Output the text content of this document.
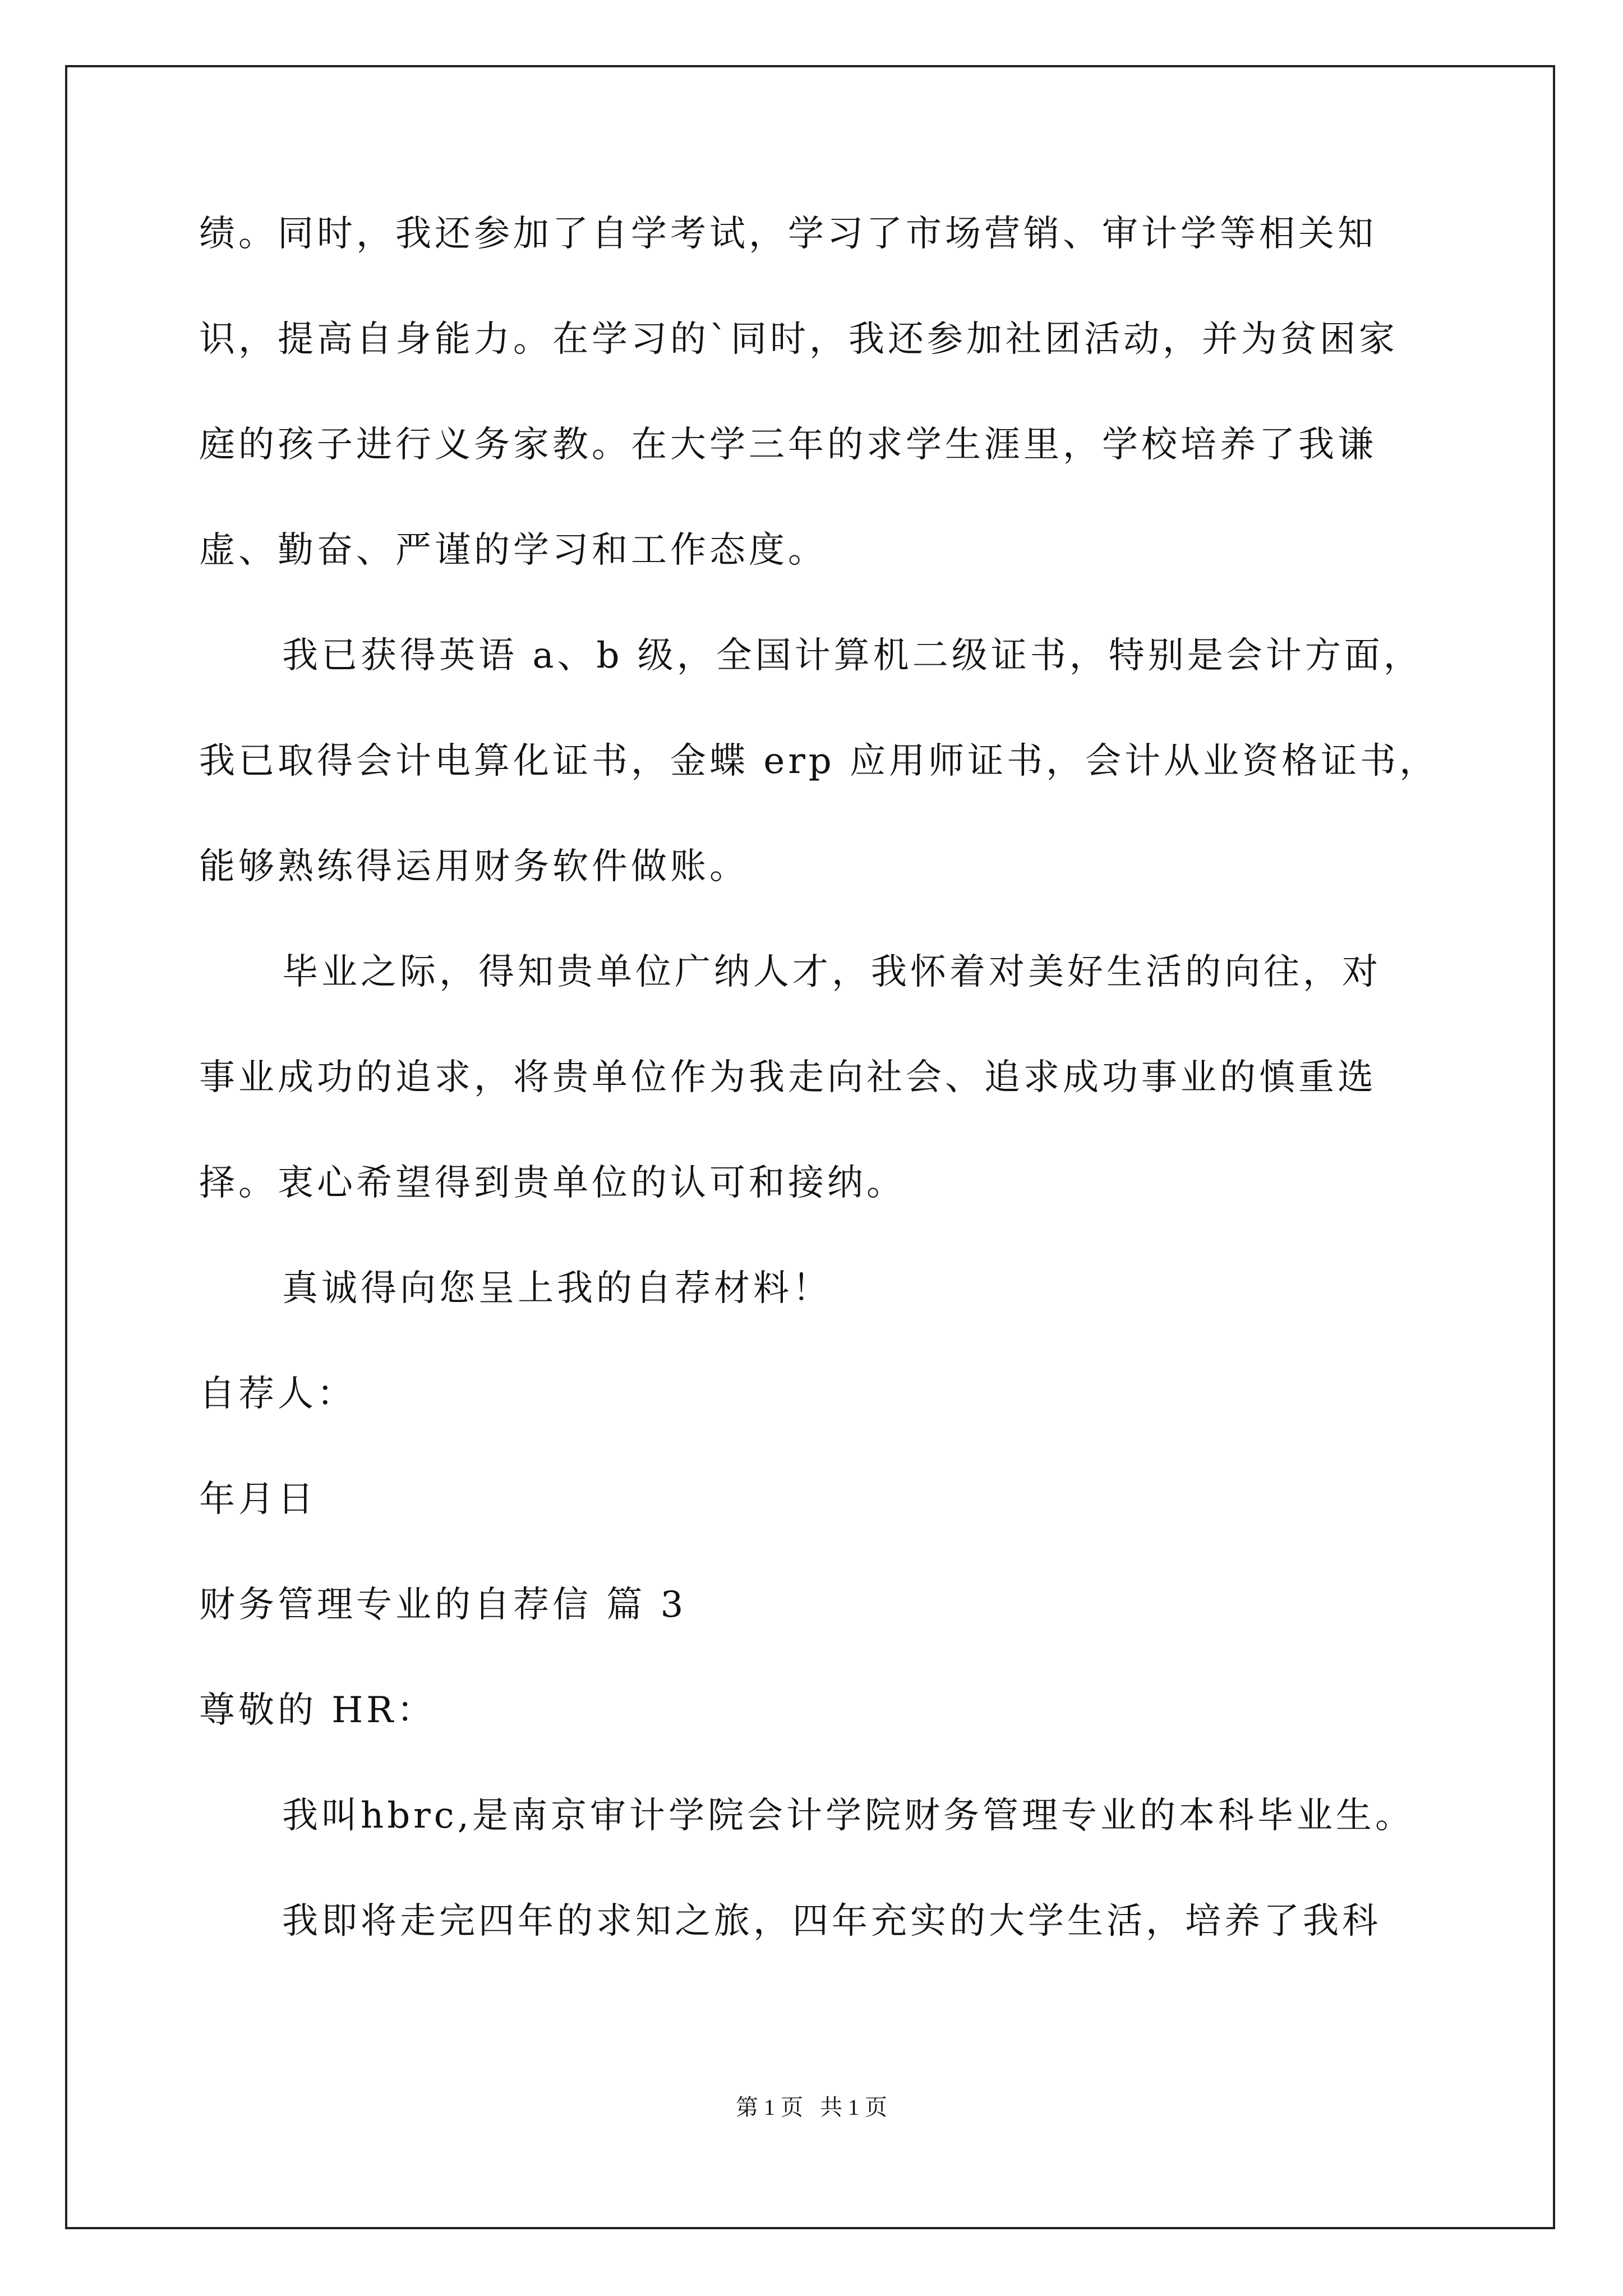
绩。同时，我还参加了自学考试，学习了市场营销、审计学等相关知
识，提高自身能力。在学习的`同时，我还参加社团活动，并为贫困家
庭的孩子进行义务家教。在大学三年的求学生涯里，学校培养了我谦
虚、勤奋、严谨的学习和工作态度。
我已获得英语 a、b 级，全国计算机二级证书，特别是会计方面，
我已取得会计电算化证书，金蝶 erp 应用师证书，会计从业资格证书，
能够熟练得运用财务软件做账。
毕业之际，得知贵单位广纳人才，我怀着对美好生活的向往，对
事业成功的追求，将贵单位作为我走向社会、追求成功事业的慎重选
择。衷心希望得到贵单位的认可和接纳。
真诚得向您呈上我的自荐材料！
自荐人：
年月日
财务管理专业的自荐信 篇 3
尊敬的 HR：
我叫hbrc,是南京审计学院会计学院财务管理专业的本科毕业生。
我即将走完四年的求知之旅，四年充实的大学生活，培养了我科
第 1 页   共 1 页
